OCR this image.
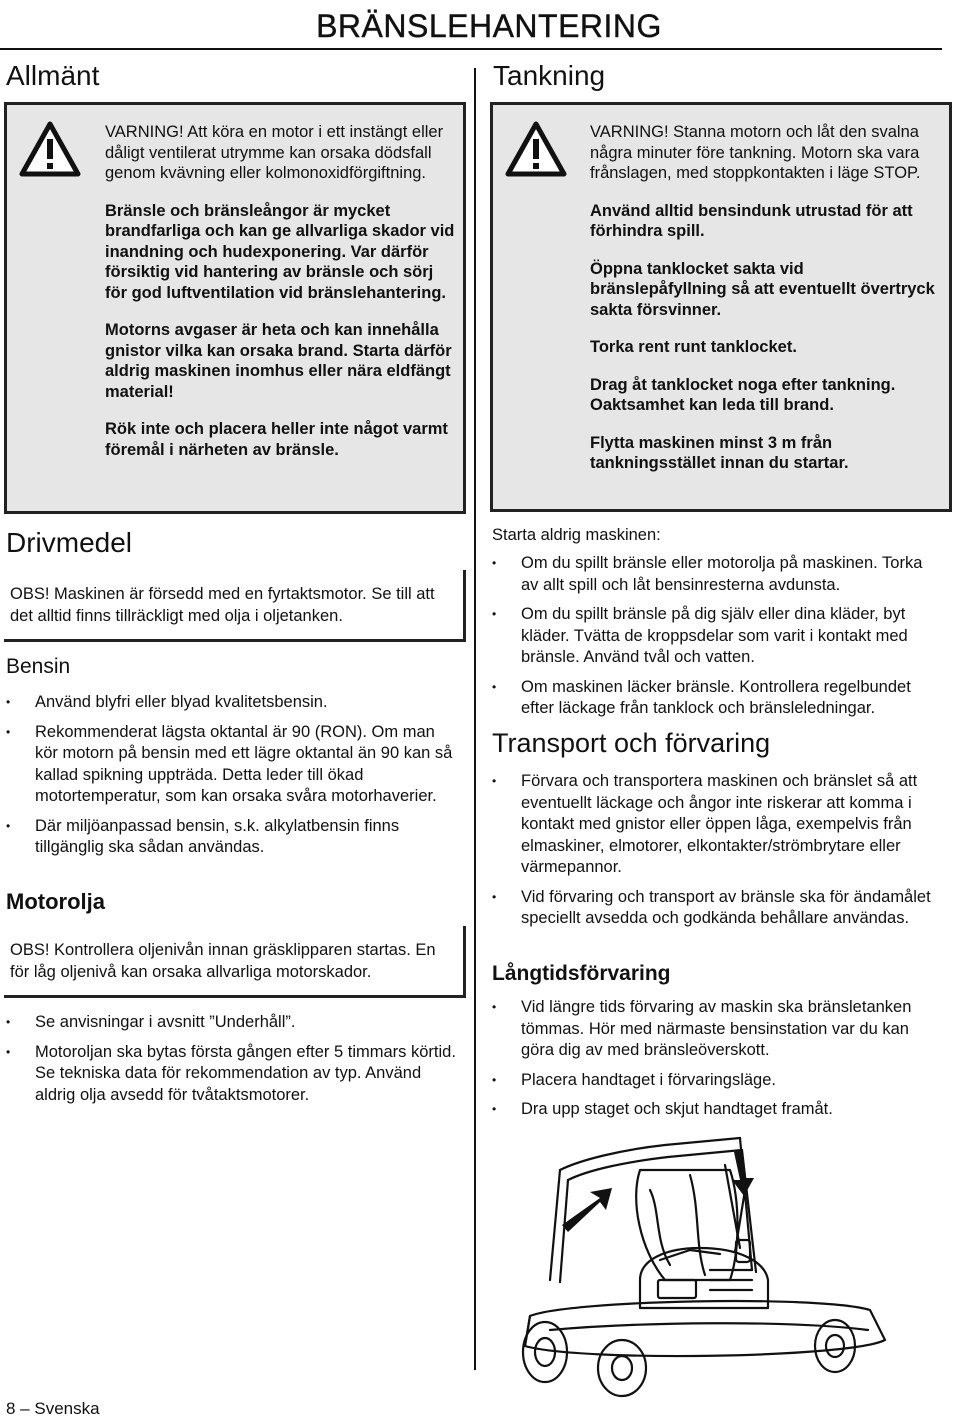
BRÄNSLEHANTERING
Allmänt

VARNING! Att köra en motor i ett instängt eller dåligt ventilerat utrymme kan orsaka dödsfall genom kvävning eller kolmonoxidförgiftning.

Bränsle och bränsleångor är mycket brandfarliga och kan ge allvarliga skador vid inandning och hudexponering. Var därför försiktig vid hantering av bränsle och sörj för god luftventilation vid bränslehantering.

Motorns avgaser är heta och kan innehålla gnistor vilka kan orsaka brand. Starta därför aldrig maskinen inomhus eller nära eldfängt material!

Rök inte och placera heller inte något varmt föremål i närheten av bränsle.

Drivmedel
OBS! Maskinen är försedd med en fyrtaktsmotor. Se till att det alltid finns tillräckligt med olja i oljetanken.
Bensin
• Använd blyfri eller blyad kvalitetsbensin.
• Rekommenderat lägsta oktantal är 90 (RON). Om man kör motorn på bensin med ett lägre oktantal än 90 kan så kallad spikning uppträda. Detta leder till ökad motortemperatur, som kan orsaka svåra motorhaverier.
• Där miljöanpassad bensin, s.k. alkylatbensin finns tillgänglig ska sådan användas.
Motorolja
OBS! Kontrollera oljenivån innan gräsklipparen startas. En för låg oljenivå kan orsaka allvarliga motorskador.
• Se anvisningar i avsnitt ”Underhåll”.
• Motoroljan ska bytas första gången efter 5 timmars körtid. Se tekniska data för rekommendation av typ. Använd aldrig olja avsedd för tvåtaktsmotorer.
Tankning

VARNING! Stanna motorn och låt den svalna några minuter före tankning. Motorn ska vara frånslagen, med stoppkontakten i läge STOP.

Använd alltid bensindunk utrustad för att förhindra spill.

Öppna tanklocket sakta vid bränslepåfyllning så att eventuellt övertryck sakta försvinner.

Torka rent runt tanklocket.

Drag åt tanklocket noga efter tankning. Oaktsamhet kan leda till brand.

Flytta maskinen minst 3 m från tankningsstället innan du startar.

Starta aldrig maskinen:
• Om du spillt bränsle eller motorolja på maskinen. Torka av allt spill och låt bensinresterna avdunsta.
• Om du spillt bränsle på dig själv eller dina kläder, byt kläder. Tvätta de kroppsdelar som varit i kontakt med bränsle. Använd tvål och vatten.
• Om maskinen läcker bränsle. Kontrollera regelbundet efter läckage från tanklock och bränsleledningar.
Transport och förvaring
• Förvara och transportera maskinen och bränslet så att eventuellt läckage och ångor inte riskerar att komma i kontakt med gnistor eller öppen låga, exempelvis från elmaskiner, elmotorer, elkontakter/strömbrytare eller värmepannor.
• Vid förvaring och transport av bränsle ska för ändamålet speciellt avsedda och godkända behållare användas.
Långtidsförvaring
• Vid längre tids förvaring av maskin ska bränsletanken tömmas. Hör med närmaste bensinstation var du kan göra dig av med bränsleöverskott.
• Placera handtaget i förvaringsläge.
• Dra upp staget och skjut handtaget framåt.
8 – Svenska
